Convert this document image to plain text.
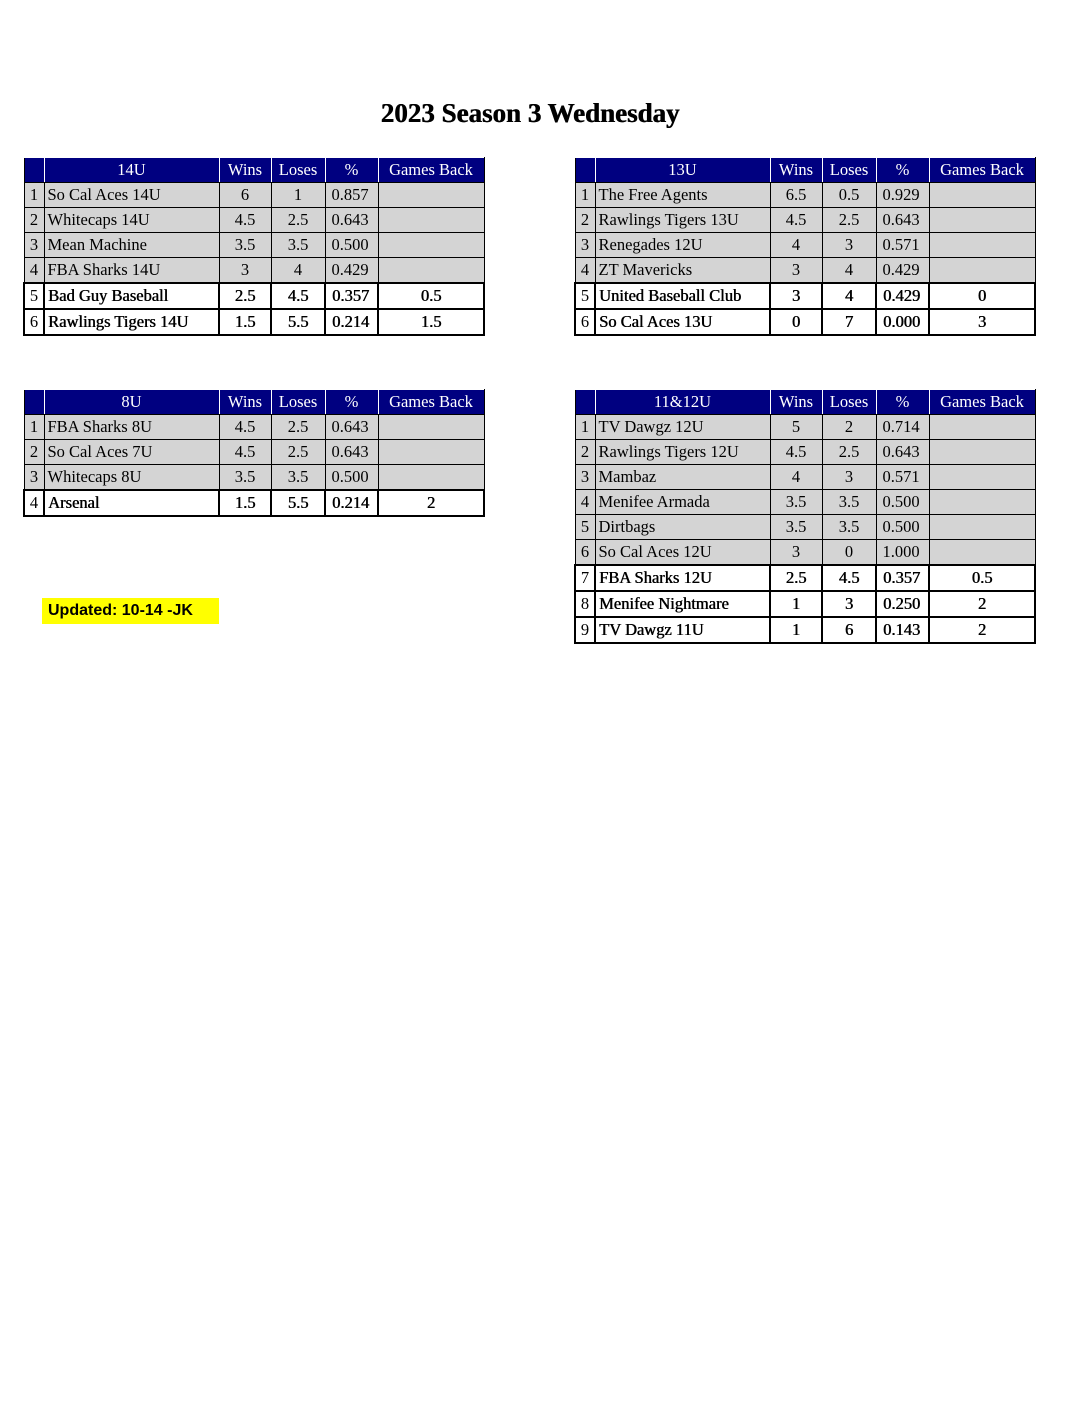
2023 Season 3 Wednesday
	14U	Wins	Loses	%	Games Back
1	So Cal Aces 14U	6	1	0.857	
2	Whitecaps 14U	4.5	2.5	0.643	
3	Mean Machine	3.5	3.5	0.500	
4	FBA Sharks 14U	3	4	0.429	
5	Bad Guy Baseball	2.5	4.5	0.357	0.5
6	Rawlings Tigers 14U	1.5	5.5	0.214	1.5
	13U	Wins	Loses	%	Games Back
1	The Free Agents	6.5	0.5	0.929	
2	Rawlings Tigers 13U	4.5	2.5	0.643	
3	Renegades 12U	4	3	0.571	
4	ZT Mavericks	3	4	0.429	
5	United Baseball Club	3	4	0.429	0
6	So Cal Aces 13U	0	7	0.000	3
	8U	Wins	Loses	%	Games Back
1	FBA Sharks 8U	4.5	2.5	0.643	
2	So Cal Aces 7U	4.5	2.5	0.643	
3	Whitecaps 8U	3.5	3.5	0.500	
4	Arsenal	1.5	5.5	0.214	2
	11&12U	Wins	Loses	%	Games Back
1	TV Dawgz 12U	5	2	0.714	
2	Rawlings Tigers 12U	4.5	2.5	0.643	
3	Mambaz	4	3	0.571	
4	Menifee Armada	3.5	3.5	0.500	
5	Dirtbags	3.5	3.5	0.500	
6	So Cal Aces 12U	3	0	1.000	
7	FBA Sharks 12U	2.5	4.5	0.357	0.5
8	Menifee Nightmare	1	3	0.250	2
9	TV Dawgz 11U	1	6	0.143	2
Updated: 10-14 -JK
